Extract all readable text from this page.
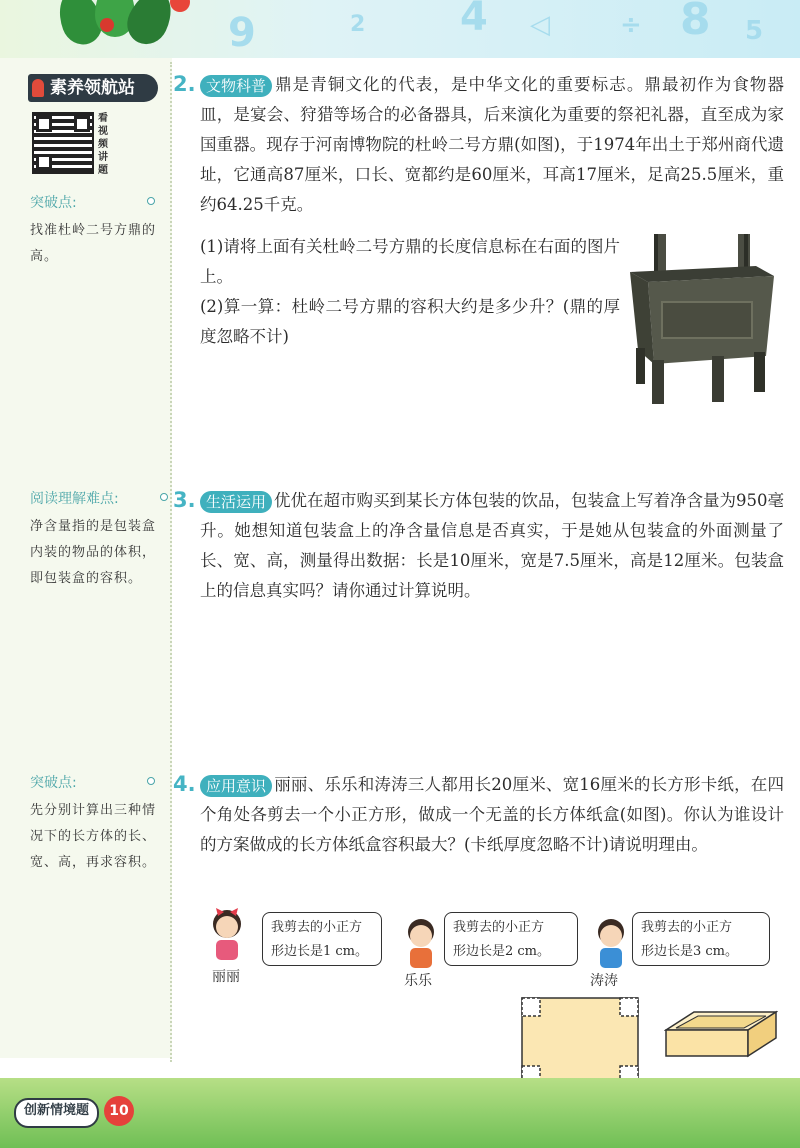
9	2 4 ◁	÷ 8 5
素养领航站
看视频讲题
突破点:
找准杜岭二号方鼎的高。
阅读理解难点:
净含量指的是包装盒内装的物品的体积，即包装盒的容积。
突破点:
先分别计算出三种情况下的长方体的长、宽、高，再求容积。
2. 文物科普 鼎是青铜文化的代表，是中华文化的重要标志。鼎最初作为食物器皿，是宴会、狩猎等场合的必备器具，后来演化为重要的祭祀礼器，直至成为家国重器。现存于河南博物院的杜岭二号方鼎(如图)，于1974年出土于郑州商代遗址，它通高87厘米，口长、宽都约是60厘米，耳高17厘米，足高25.5厘米，重约64.25千克。

(1)请将上面有关杜岭二号方鼎的长度信息标在右面的图片上。

(2)算一算：杜岭二号方鼎的容积大约是多少升？(鼎的厚度忽略不计)

3. 生活运用 优优在超市购买到某长方体包装的饮品，包装盒上写着净含量为950毫升。她想知道包装盒上的净含量信息是否真实，于是她从包装盒的外面测量了长、宽、高，测量得出数据：长是10厘米，宽是7.5厘米，高是12厘米。包装盒上的信息真实吗？请你通过计算说明。

4. 应用意识 丽丽、乐乐和涛涛三人都用长20厘米、宽16厘米的长方形卡纸，在四个角处各剪去一个小正方形，做成一个无盖的长方体纸盒(如图)。你认为谁设计的方案做成的长方体纸盒容积最大？(卡纸厚度忽略不计)请说明理由。

丽丽
我剪去的小正方
形边长是1 cm。
乐乐
我剪去的小正方
形边长是2 cm。
涛涛
我剪去的小正方
形边长是3 cm。
创新情境题	10
